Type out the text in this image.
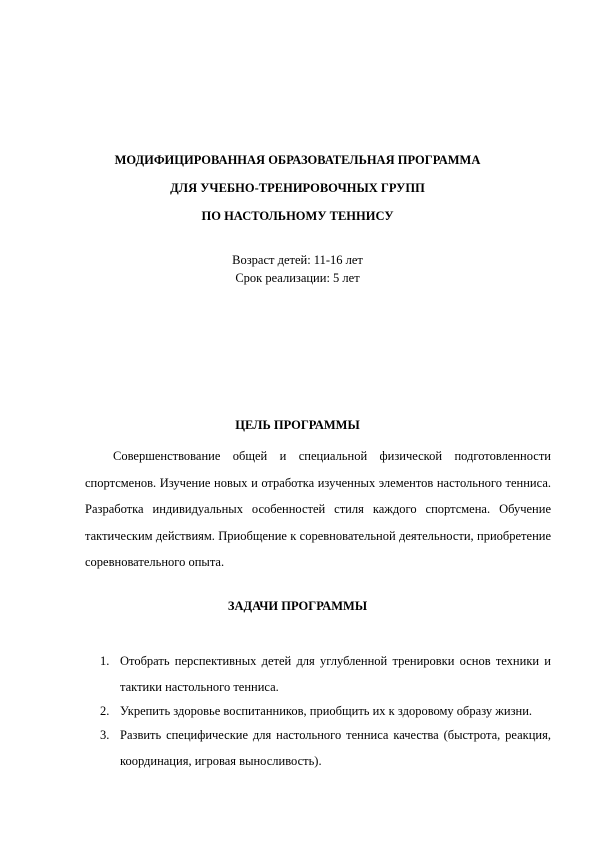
МОДИФИЦИРОВАННАЯ ОБРАЗОВАТЕЛЬНАЯ ПРОГРАММА
ДЛЯ УЧЕБНО-ТРЕНИРОВОЧНЫХ ГРУПП
ПО НАСТОЛЬНОМУ ТЕННИСУ
Возраст детей: 11-16 лет
Срок реализации: 5 лет
ЦЕЛЬ ПРОГРАММЫ

Совершенствование общей и специальной физической подготовленности спортсменов. Изучение новых и отработка изученных элементов настольного тенниса. Разработка индивидуальных особенностей стиля каждого спортсмена. Обучение тактическим действиям. Приобщение к соревновательной деятельности, приобретение соревновательного опыта.

ЗАДАЧИ ПРОГРАММЫ
1. Отобрать перспективных детей для углубленной тренировки основ техники и тактики настольного тенниса.
2. Укрепить здоровье воспитанников, приобщить их к здоровому образу жизни.
3. Развить специфические для настольного тенниса качества (быстрота, реакция, координация, игровая выносливость).
